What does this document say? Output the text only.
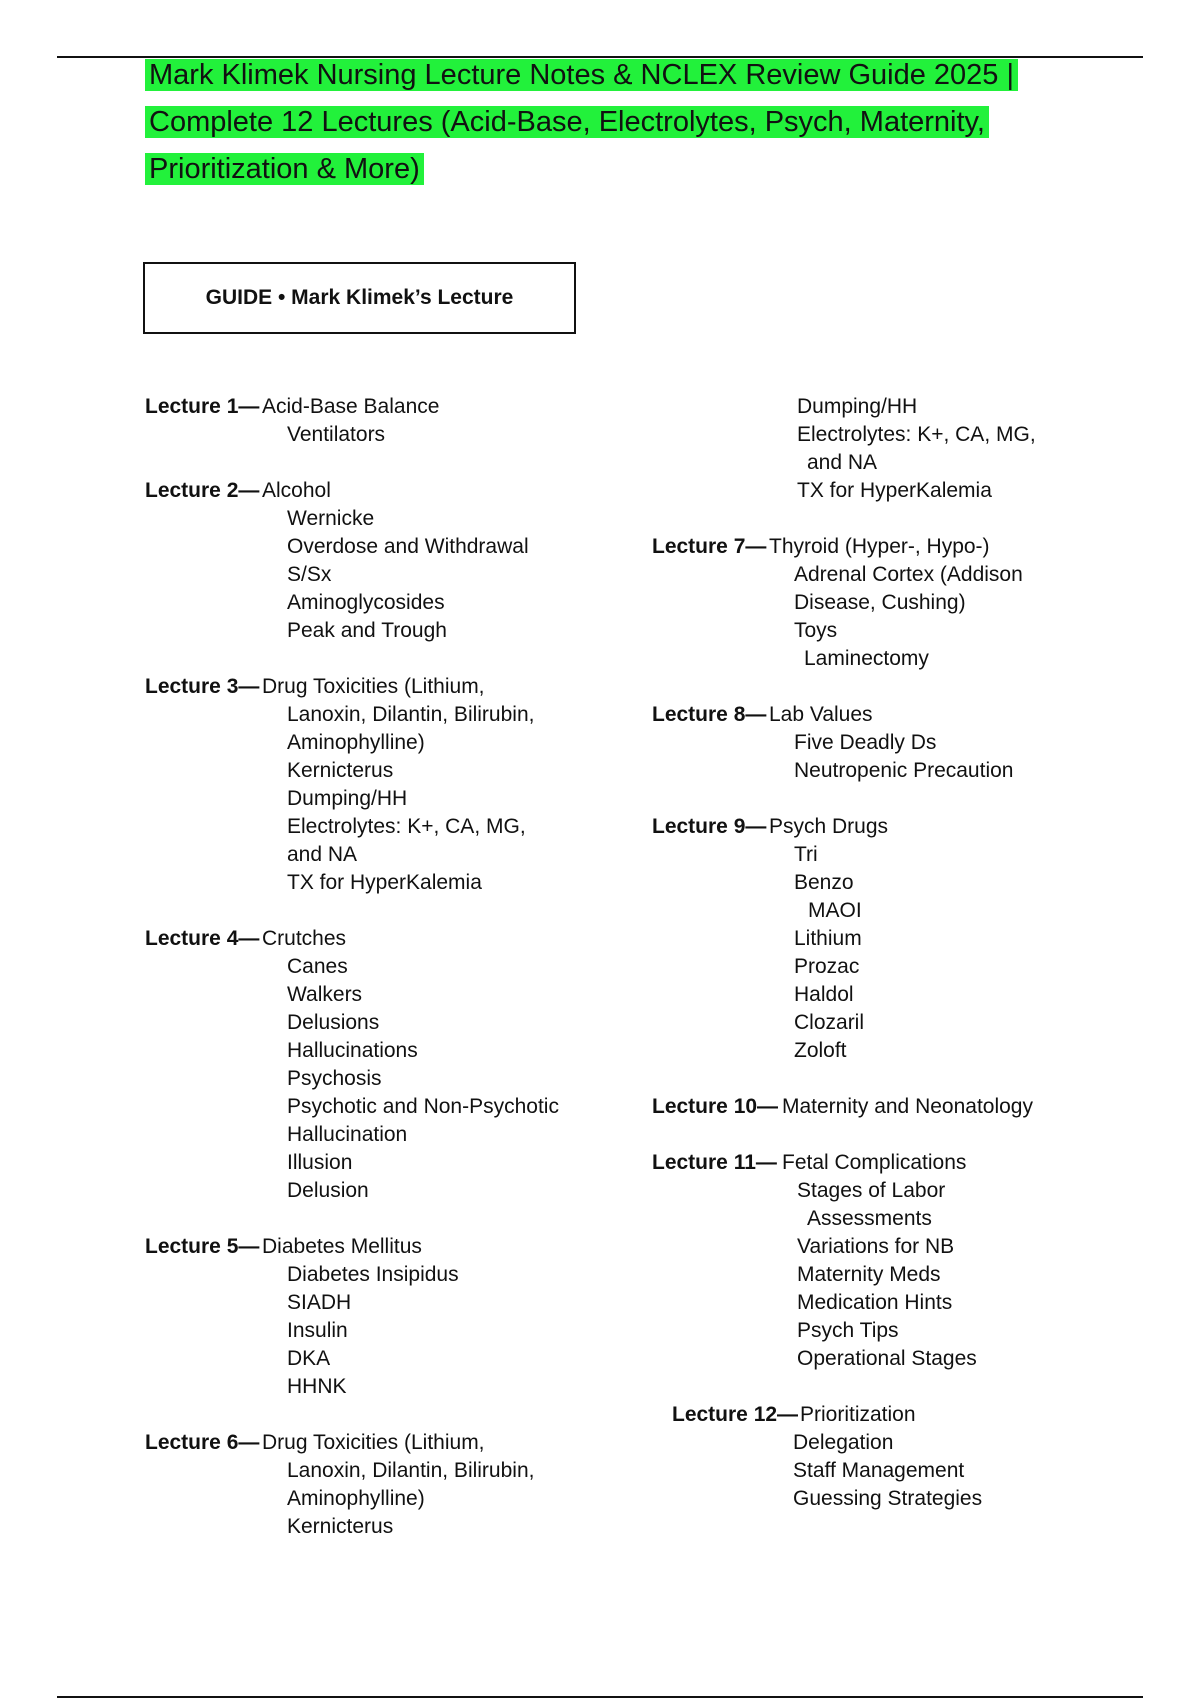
Mark Klimek Nursing Lecture Notes & NCLEX Review Guide 2025 | Complete 12 Lectures (Acid-Base, Electrolytes, Psych, Maternity, Prioritization & More)
GUIDE • Mark Klimek’s Lecture
Lecture 1— Acid-Base Balance
Ventilators
Lecture 2— Alcohol
Wernicke
Overdose and Withdrawal
S/Sx
Aminoglycosides
Peak and Trough
Lecture 3— Drug Toxicities (Lithium,
Lanoxin, Dilantin, Bilirubin,
Aminophylline)
Kernicterus
Dumping/HH
Electrolytes: K+, CA, MG,
and NA
TX for HyperKalemia
Lecture 4— Crutches
Canes
Walkers
Delusions
Hallucinations
Psychosis
Psychotic and Non-Psychotic
Hallucination
Illusion
Delusion
Lecture 5— Diabetes Mellitus
Diabetes Insipidus
SIADH
Insulin
DKA
HHNK
Lecture 6— Drug Toxicities (Lithium,
Lanoxin, Dilantin, Bilirubin,
Aminophylline)
Kernicterus
Dumping/HH
Electrolytes: K+, CA, MG,
and NA
TX for HyperKalemia
Lecture 7— Thyroid (Hyper-, Hypo-)
Adrenal Cortex (Addison
Disease, Cushing)
Toys
Laminectomy
Lecture 8— Lab Values
Five Deadly Ds
Neutropenic Precaution
Lecture 9— Psych Drugs
Tri
Benzo
MAOI
Lithium
Prozac
Haldol
Clozaril
Zoloft
Lecture 10— Maternity and Neonatology
Lecture 11— Fetal Complications
Stages of Labor
Assessments
Variations for NB
Maternity Meds
Medication Hints
Psych Tips
Operational Stages
Lecture 12— Prioritization
Delegation
Staff Management
Guessing Strategies
